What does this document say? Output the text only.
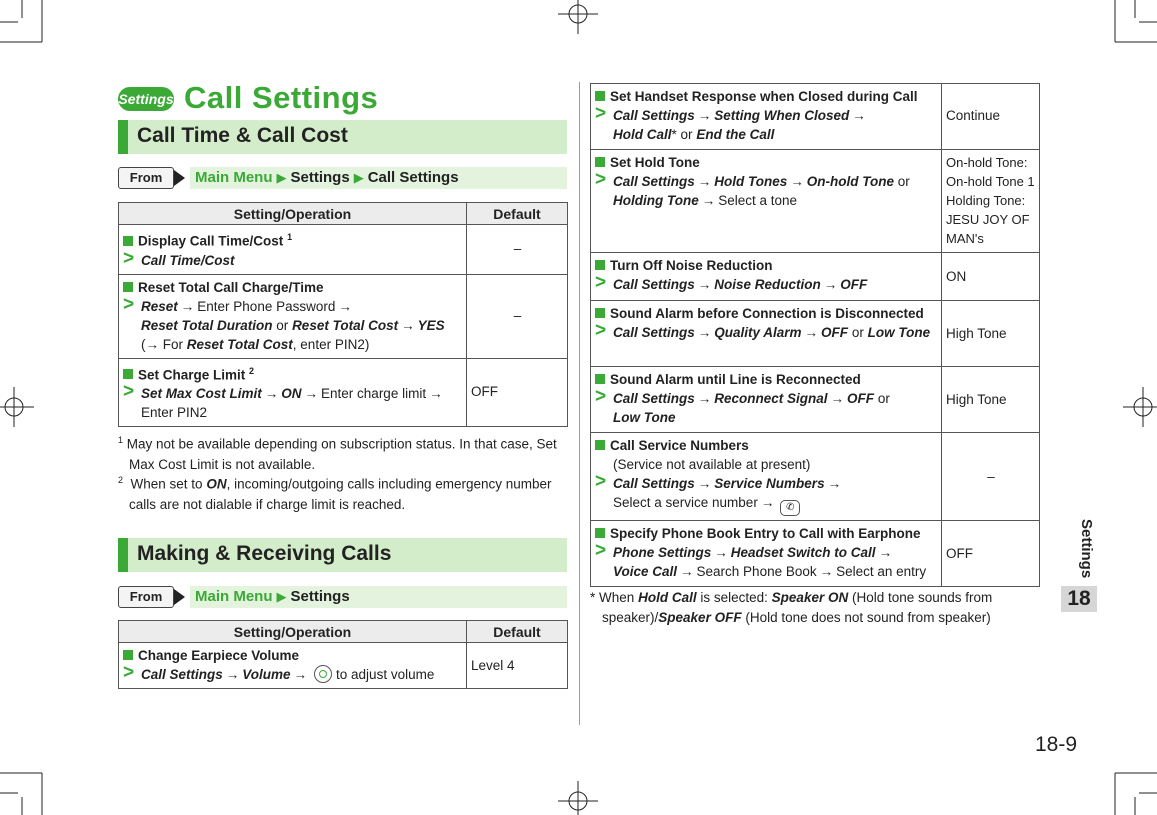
Settings Call Settings
Call Time & Call Cost
From	Main Menu ▶ Settings ▶ Call Settings
Setting/Operation	Default

Display Call Time/Cost $^1$
> Call Time/Cost	–

Reset Total Call Charge/Time
> Reset → Enter Phone Password →
Reset Total Duration or Reset Total Cost → YES
(→ For Reset Total Cost, enter PIN2)	–

Set Charge Limit $^2$
> Set Max Cost Limit → ON → Enter charge limit →
Enter PIN2	OFF
$^1$ May not be available depending on subscription status. In that case, Set Max Cost Limit is not available.
$^2$ When set to ON, incoming/outgoing calls including emergency number calls are not dialable if charge limit is reached.
Making & Receiving Calls
From	Main Menu ▶ Settings
Setting/Operation	Default

Change Earpiece Volume
> Call Settings → Volume → to adjust volume	Level 4
Set Handset Response when Closed during Call
> Call Settings → Setting When Closed →
Hold Call* or End the Call	Continue

Set Hold Tone
> Call Settings → Hold Tones → On-hold Tone or
Holding Tone → Select a tone	On-hold Tone: On-hold Tone 1 Holding Tone: JESU JOY OF MAN's

Turn Off Noise Reduction
> Call Settings → Noise Reduction → OFF	ON

Sound Alarm before Connection is Disconnected
> Call Settings → Quality Alarm → OFF or Low Tone	High Tone

Sound Alarm until Line is Reconnected
> Call Settings → Reconnect Signal → OFF or
Low Tone	High Tone

Call Service Numbers
(Service not available at present)
> Call Settings → Service Numbers →
Select a service number → ✆	–

Specify Phone Book Entry to Call with Earphone
> Phone Settings → Headset Switch to Call →
Voice Call → Search Phone Book → Select an entry	OFF
* When Hold Call is selected: Speaker ON (Hold tone sounds from speaker)/Speaker OFF (Hold tone does not sound from speaker)
Settings
18
18-9
